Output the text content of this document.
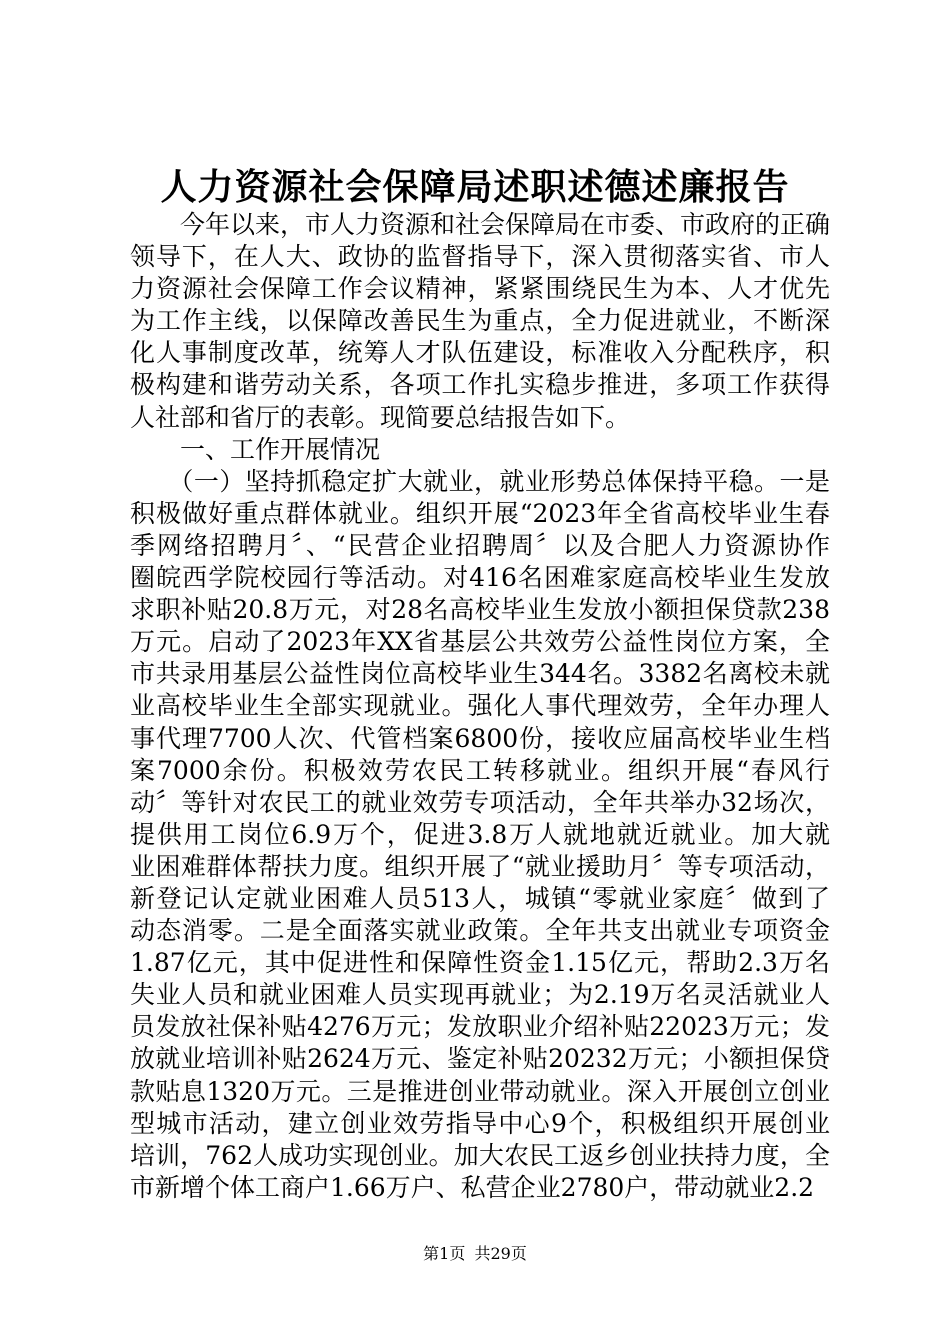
人力资源社会保障局述职述德述廉报告
　　今年以来，市人力资源和社会保障局在市委、市政府的正确
领导下，在人大、政协的监督指导下，深入贯彻落实省、市人
力资源社会保障工作会议精神，紧紧围绕民生为本、人才优先
为工作主线，以保障改善民生为重点，全力促进就业，不断深
化人事制度改革，统筹人才队伍建设，标准收入分配秩序，积
极构建和谐劳动关系，各项工作扎实稳步推进，多项工作获得
人社部和省厅的表彰。现简要总结报告如下。
　　一、工作开展情况
　　（一）坚持抓稳定扩大就业，就业形势总体保持平稳。一是
积极做好重点群体就业。组织开展“2023年全省高校毕业生春
季网络招聘月〞、“民营企业招聘周〞以及合肥人力资源协作
圈皖西学院校园行等活动。对416名困难家庭高校毕业生发放
求职补贴20.8万元，对28名高校毕业生发放小额担保贷款238
万元。启动了2023年XX省基层公共效劳公益性岗位方案，全
市共录用基层公益性岗位高校毕业生344名。3382名离校未就
业高校毕业生全部实现就业。强化人事代理效劳，全年办理人
事代理7700人次、代管档案6800份，接收应届高校毕业生档
案7000余份。积极效劳农民工转移就业。组织开展“春风行
动〞等针对农民工的就业效劳专项活动，全年共举办32场次，
提供用工岗位6.9万个，促进3.8万人就地就近就业。加大就
业困难群体帮扶力度。组织开展了“就业援助月〞等专项活动，
新登记认定就业困难人员513人，城镇“零就业家庭〞做到了
动态消零。二是全面落实就业政策。全年共支出就业专项资金
1.87亿元，其中促进性和保障性资金1.15亿元，帮助2.3万名
失业人员和就业困难人员实现再就业；为2.19万名灵活就业人
员发放社保补贴4276万元；发放职业介绍补贴22023万元；发
放就业培训补贴2624万元、鉴定补贴20232万元；小额担保贷
款贴息1320万元。三是推进创业带动就业。深入开展创立创业
型城市活动，建立创业效劳指导中心9个，积极组织开展创业
培训，762人成功实现创业。加大农民工返乡创业扶持力度，全
市新增个体工商户1.66万户、私营企业2780户，带动就业2.2
第1页 共29页
